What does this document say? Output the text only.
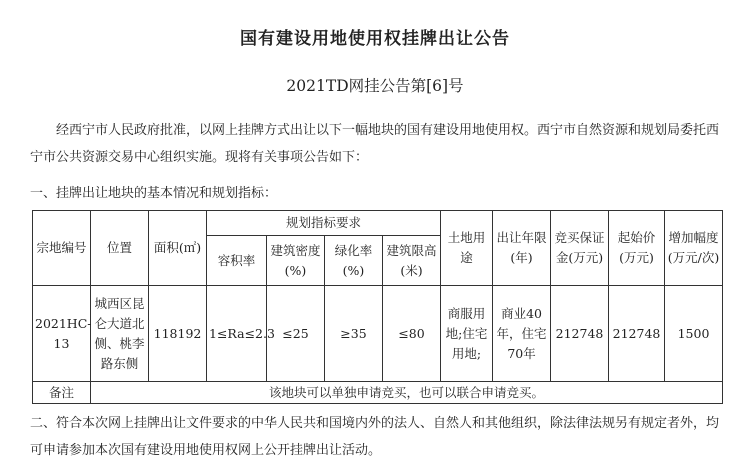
国有建设用地使用权挂牌出让公告
2021TD网挂公告第[6]号
经西宁市人民政府批准，以网上挂牌方式出让以下一幅地块的国有建设用地使用权。西宁市自然资源和规划局委托西宁市公共资源交易中心组织实施。现将有关事项公告如下：
一、挂牌出让地块的基本情况和规划指标：
宗地编号	位置	面积(㎡)	规划指标要求				土地用途	出让年限(年)	竞买保证金(万元)	起始价(万元)	增加幅度(万元/次)
			容积率	建筑密度(%)	绿化率(%)	建筑限高(米)					
2021HC-13	城西区昆仑大道北侧、桃李路东侧	118192	1≤Ra≤2.3	≤25	≥35	≤80	商服用地;住宅用地;	商业40年，住宅70年	212748	212748	1500
备注	该地块可以单独申请竞买，也可以联合申请竞买。										
二、符合本次网上挂牌出让文件要求的中华人民共和国境内外的法人、自然人和其他组织，除法律法规另有规定者外，均可申请参加本次国有建设用地使用权网上公开挂牌出让活动。
